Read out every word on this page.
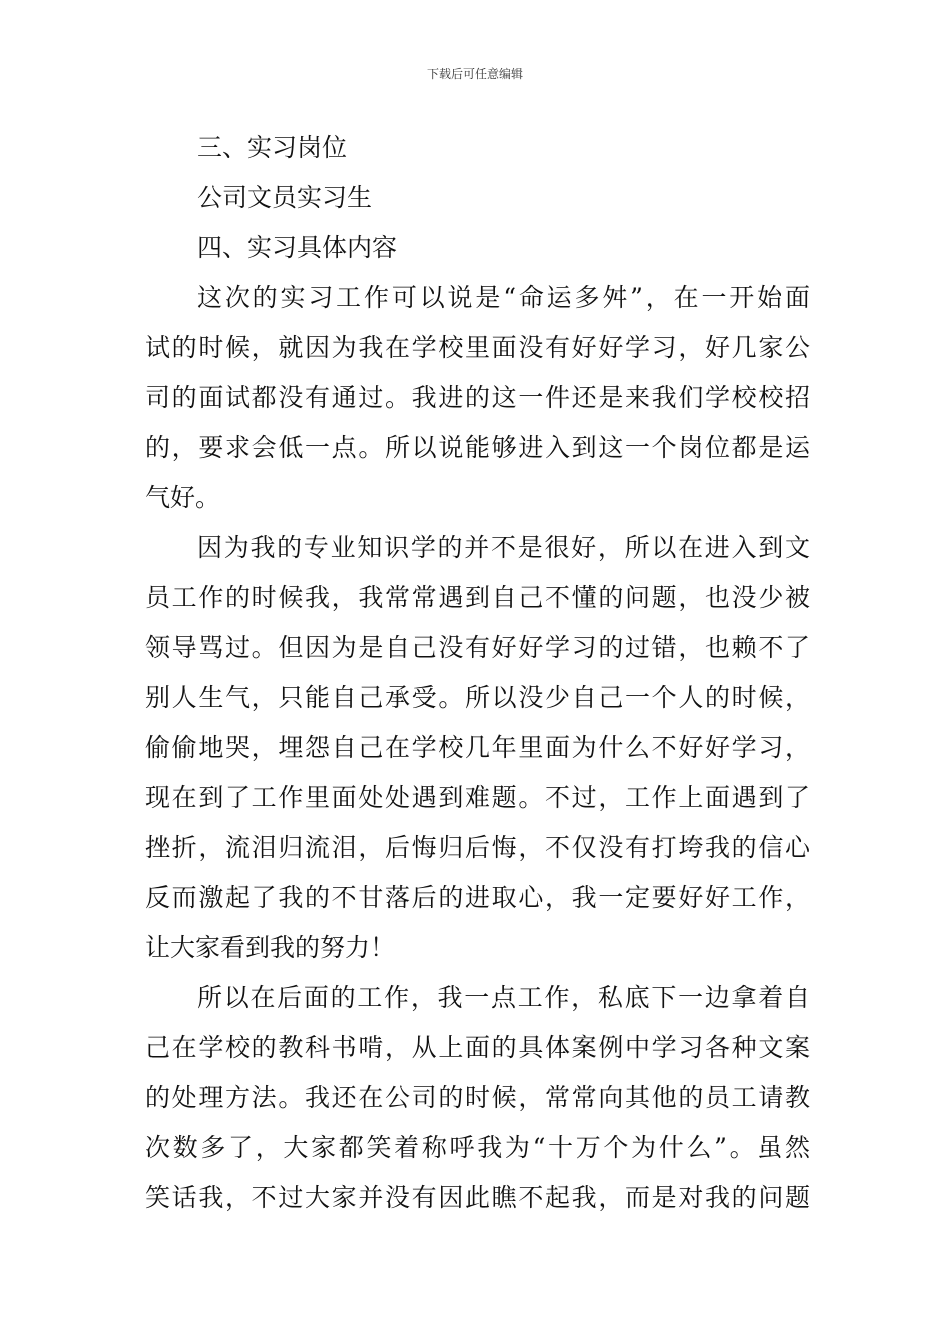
下载后可任意编辑
三、实习岗位
公司文员实习生
四、实习具体内容
这次的实习工作可以说是“命运多舛”，在一开始面
试的时候，就因为我在学校里面没有好好学习，好几家公
司的面试都没有通过。我进的这一件还是来我们学校校招
的，要求会低一点。所以说能够进入到这一个岗位都是运
气好。
因为我的专业知识学的并不是很好，所以在进入到文
员工作的时候我，我常常遇到自己不懂的问题，也没少被
领导骂过。但因为是自己没有好好学习的过错，也赖不了
别人生气，只能自己承受。所以没少自己一个人的时候，
偷偷地哭，埋怨自己在学校几年里面为什么不好好学习，
现在到了工作里面处处遇到难题。不过，工作上面遇到了
挫折，流泪归流泪，后悔归后悔，不仅没有打垮我的信心
反而激起了我的不甘落后的进取心，我一定要好好工作，
让大家看到我的努力！
所以在后面的工作，我一点工作，私底下一边拿着自
己在学校的教科书啃，从上面的具体案例中学习各种文案
的处理方法。我还在公司的时候，常常向其他的员工请教
次数多了，大家都笑着称呼我为“十万个为什么”。虽然
笑话我，不过大家并没有因此瞧不起我，而是对我的问题
